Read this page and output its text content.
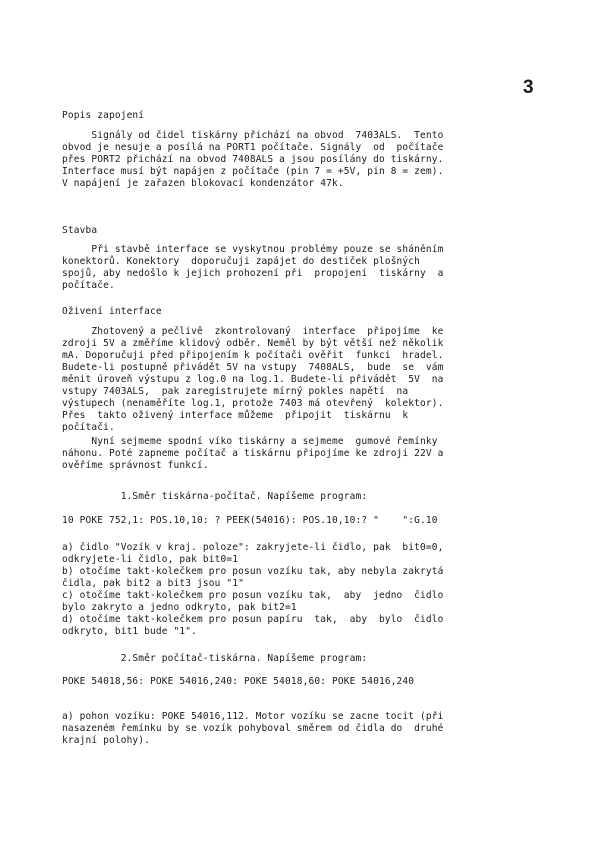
3
Popis zapojení
Signály od čidel tiskárny přichází na obvod  7403ALS.  Tento
obvod je nesuje a posílá na PORT1 počítače. Signály  od  počítače
přes PORT2 přichází na obvod 7408ALS a jsou posílány do tiskárny.
Interface musí být napájen z počítače (pin 7 = +5V, pin 8 = zem).
V napájení je zařazen blokovací kondenzátor 47k.
Stavba
Při stavbě interface se vyskytnou problémy pouze se sháněním
konektorů. Konektory  doporučuji zapájet do destiček plošných
spojů, aby nedošlo k jejich prohození při  propojení  tiskárny  a
počítače.
Oživení interface
Zhotovený a pečlivě  zkontrolovaný  interface  připojíme  ke
zdroji 5V a změříme klidový odběr. Neměl by být větší než několik
mA. Doporučuji před připojením k počítači ověřit  funkci  hradel.
Budete-li postupně přivádět 5V na vstupy  7408ALS,  bude  se  vám
měnit úroveň výstupu z log.0 na log.1. Budete-li přivádět  5V  na
vstupy 7403ALS,  pak zaregistrujete mírný pokles napětí  na
výstupech (nenaměříte log.1, protože 7403 má otevřený  kolektor).
Přes  takto oživený interface můžeme  připojit  tiskárnu  k
počítači.
Nyní sejmeme spodní víko tiskárny a sejmeme  gumové řemínky
náhonu. Poté zapneme počítač a tiskárnu připojíme ke zdroji 22V a
ověříme správnost funkcí.
1.Směr tiskárna-počítač. Napíšeme program:
10 POKE 752,1: POS.10,10: ? PEEK(54016): POS.10,10:? "    ":G.10
a) čidlo "Vozík v kraj. poloze": zakryjete-li čidlo, pak  bit0=0,
odkryjete-li čidlo, pak bit0=1
b) otočíme takt-kolečkem pro posun vozíku tak, aby nebyla zakrytá
čidla, pak bit2 a bit3 jsou "1"
c) otočíme takt-kolečkem pro posun vozíku tak,  aby  jedno  čidlo
bylo zakryto a jedno odkryto, pak bit2=1
d) otočíme takt-kolečkem pro posun papíru  tak,  aby  bylo  čidlo
odkryto, bit1 bude "1".
2.Směr počítač-tiskárna. Napíšeme program:
POKE 54018,56: POKE 54016,240: POKE 54018,60: POKE 54016,240
a) pohon vozíku: POKE 54016,112. Motor vozíku se zacne tocit (při
nasazeném řemínku by se vozík pohyboval směrem od čidla do  druhé
krajní polohy).
